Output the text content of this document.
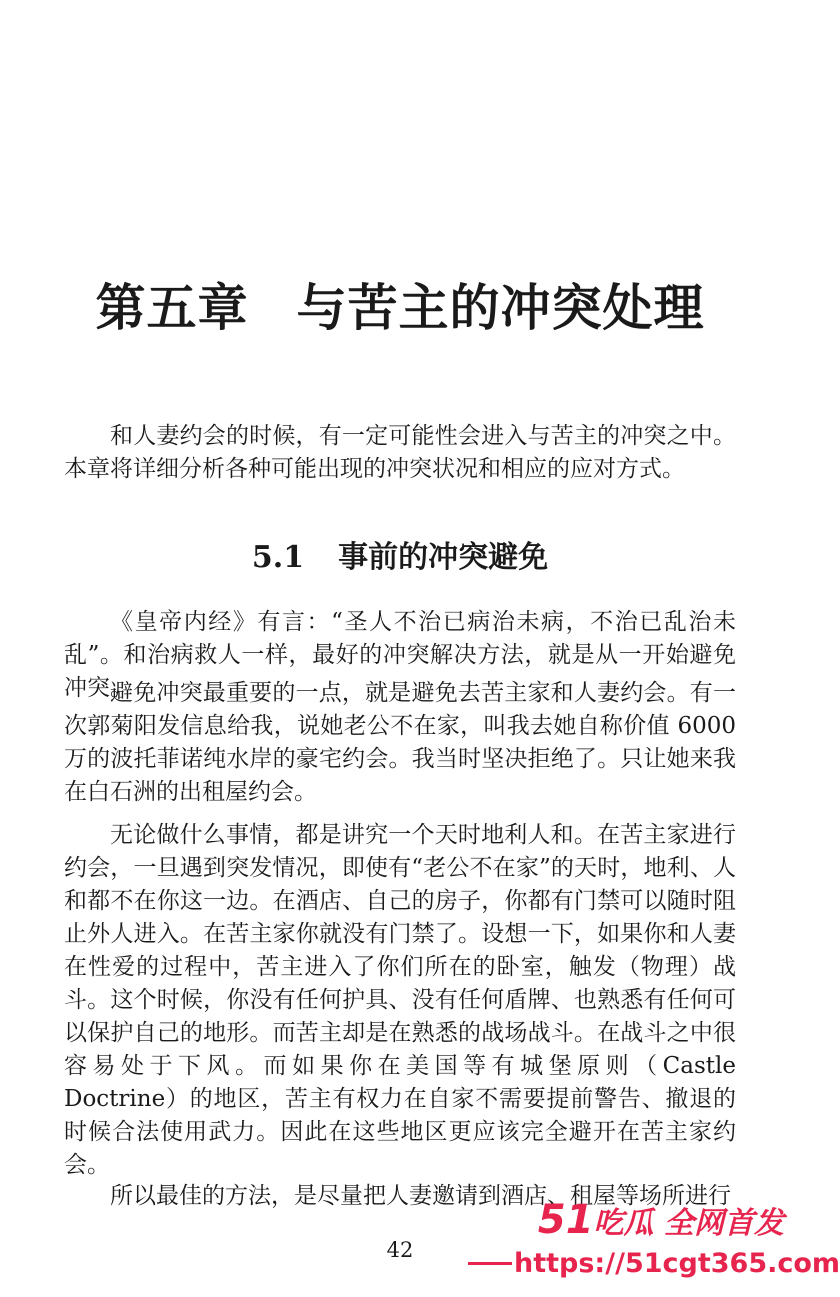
第五章 与苦主的冲突处理

和人妻约会的时候，有一定可能性会进入与苦主的冲突之中。本章将详细分析各种可能出现的冲突状况和相应的应对方式。

5.1 事前的冲突避免

《皇帝内经》有言：“圣人不治已病治未病，不治已乱治未乱”。和治病救人一样，最好的冲突解决方法，就是从一开始避免冲突。

避免冲突最重要的一点，就是避免去苦主家和人妻约会。有一次郭菊阳发信息给我，说她老公不在家，叫我去她自称价值 6000 万的波托菲诺纯水岸的豪宅约会。我当时坚决拒绝了。只让她来我在白石洲的出租屋约会。

无论做什么事情，都是讲究一个天时地利人和。在苦主家进行约会，一旦遇到突发情况，即使有“老公不在家”的天时，地利、人和都不在你这一边。在酒店、自己的房子，你都有门禁可以随时阻止外人进入。在苦主家你就没有门禁了。设想一下，如果你和人妻在性爱的过程中，苦主进入了你们所在的卧室，触发（物理）战斗。这个时候，你没有任何护具、没有任何盾牌、也熟悉有任何可以保护自己的地形。而苦主却是在熟悉的战场战斗。在战斗之中很容易处于下风。而如果你在美国等有城堡原则（Castle Doctrine）的地区，苦主有权力在自家不需要提前警告、撤退的时候合法使用武力。因此在这些地区更应该完全避开在苦主家约会。

所以最佳的方法，是尽量把人妻邀请到酒店、租屋等场所进行

42
51吃瓜 全网首发
https://51cgt365.com
